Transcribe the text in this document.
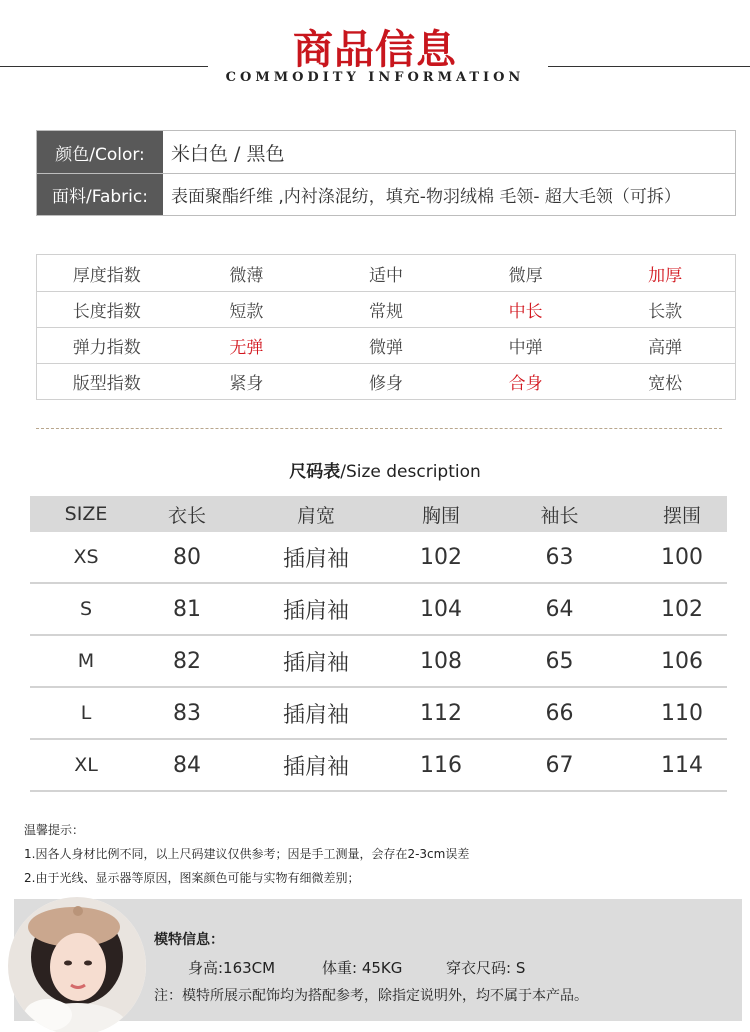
商品信息
COMMODITY INFORMATION
颜色/Color:	米白色 / 黑色
面料/Fabric:	表面聚酯纤维 ,内衬涤混纺，填充-物羽绒棉 毛领- 超大毛领（可拆）
厚度指数	微薄	适中	微厚	加厚
长度指数	短款	常规	中长	长款
弹力指数	无弹	微弹	中弹	高弹
版型指数	紧身	修身	合身	宽松
尺码表/Size description
SIZE	衣长	肩宽	胸围	袖长	摆围
XS	80	插肩袖	102	63	100
S	81	插肩袖	104	64	102
M	82	插肩袖	108	65	106
L	83	插肩袖	112	66	110
XL	84	插肩袖	116	67	114
温馨提示：
1.因各人身材比例不同，以上尺码建议仅供参考；因是手工测量，会存在2-3cm误差
2.由于光线、显示器等原因，图案颜色可能与实物有细微差别；
模特信息：
身高:163CM	体重: 45KG	穿衣尺码: S
注：模特所展示配饰均为搭配参考，除指定说明外，均不属于本产品。
